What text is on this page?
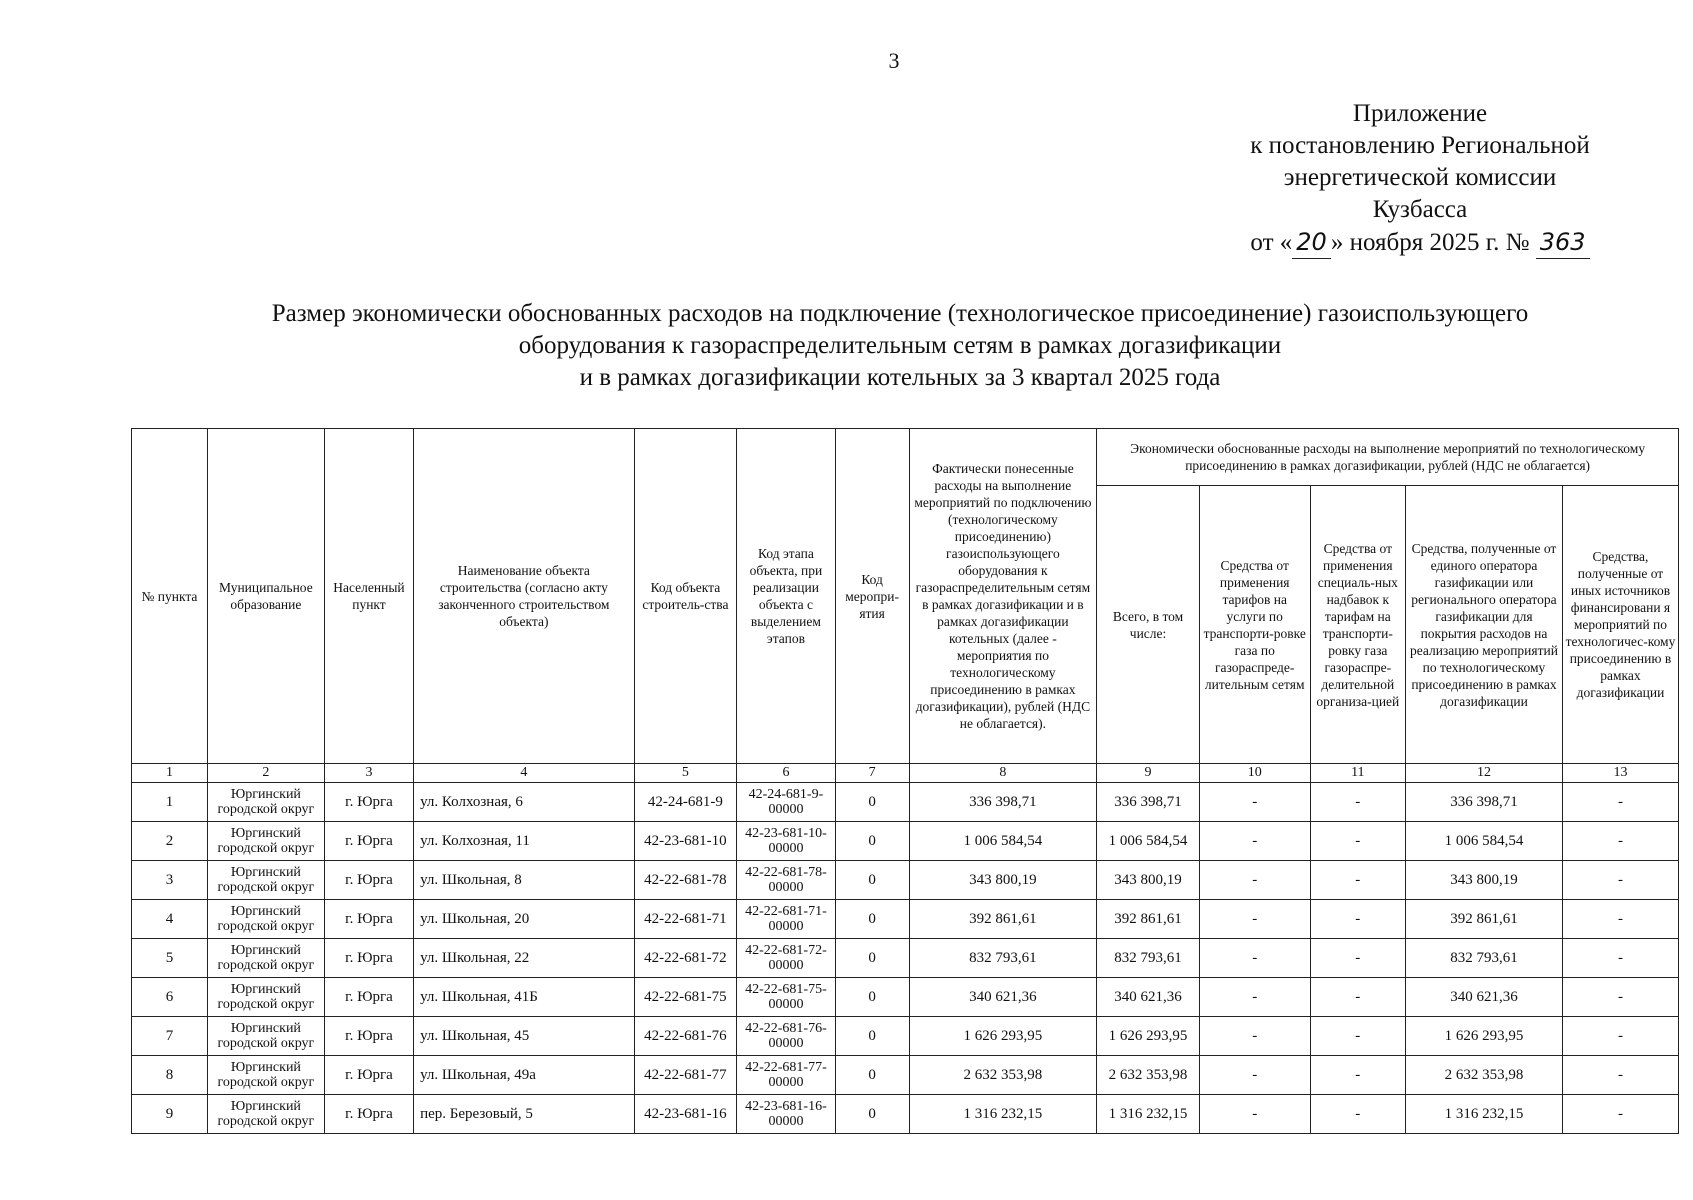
3
Приложение
к постановлению Региональной
энергетической комиссии
Кузбасса
от « 20 » ноября 2025 г. № 363
Размер экономически обоснованных расходов на подключение (технологическое присоединение) газоиспользующего
оборудования к газораспределительным сетям в рамках догазификации
и в рамках догазификации котельных за 3 квартал 2025 года
№ пункта	Муниципальное образование	Населенный пункт	Наименование объекта строительства (согласно акту законченного строительством объекта)	Код объекта строитель-ства	Код этапа объекта, при реализации объекта с выделением этапов	Код меропри-ятия	Фактически понесенные расходы на выполнение мероприятий по подключению (технологическому присоединению) газоиспользующего оборудования к газораспределительным сетям в рамках догазификации и в рамках догазификации котельных (далее - мероприятия по технологическому присоединению в рамках догазификации), рублей (НДС не облагается).	Экономически обоснованные расходы на выполнение мероприятий по технологическому присоединению в рамках догазификации, рублей (НДС не облагается)				
								Всего, в том числе:	Средства от применения тарифов на услуги по транспорти-ровке газа по газораспреде-лительным сетям	Средства от применения специаль-ных надбавок к тарифам на транспорти-ровку газа газораспре-делительной организа-цией	Средства, полученные от единого оператора газификации или регионального оператора газификации для покрытия расходов на реализацию мероприятий по технологическому присоединению в рамках догазификации	Средства, полученные от иных источников финансировани я мероприятий по технологичес-кому присоединению в рамках догазификации
1	2	3	4	5	6	7	8	9	10	11	12	13
1	Юргинский городской округ	г. Юрга	ул. Колхозная, 6	42-24-681-9	42-24-681-9-00000	0	336 398,71	336 398,71	-	-	336 398,71	-
2	Юргинский городской округ	г. Юрга	ул. Колхозная, 11	42-23-681-10	42-23-681-10-00000	0	1 006 584,54	1 006 584,54	-	-	1 006 584,54	-
3	Юргинский городской округ	г. Юрга	ул. Школьная, 8	42-22-681-78	42-22-681-78-00000	0	343 800,19	343 800,19	-	-	343 800,19	-
4	Юргинский городской округ	г. Юрга	ул. Школьная, 20	42-22-681-71	42-22-681-71-00000	0	392 861,61	392 861,61	-	-	392 861,61	-
5	Юргинский городской округ	г. Юрга	ул. Школьная, 22	42-22-681-72	42-22-681-72-00000	0	832 793,61	832 793,61	-	-	832 793,61	-
6	Юргинский городской округ	г. Юрга	ул. Школьная, 41Б	42-22-681-75	42-22-681-75-00000	0	340 621,36	340 621,36	-	-	340 621,36	-
7	Юргинский городской округ	г. Юрга	ул. Школьная, 45	42-22-681-76	42-22-681-76-00000	0	1 626 293,95	1 626 293,95	-	-	1 626 293,95	-
8	Юргинский городской округ	г. Юрга	ул. Школьная, 49а	42-22-681-77	42-22-681-77-00000	0	2 632 353,98	2 632 353,98	-	-	2 632 353,98	-
9	Юргинский городской округ	г. Юрга	пер. Березовый, 5	42-23-681-16	42-23-681-16-00000	0	1 316 232,15	1 316 232,15	-	-	1 316 232,15	-
